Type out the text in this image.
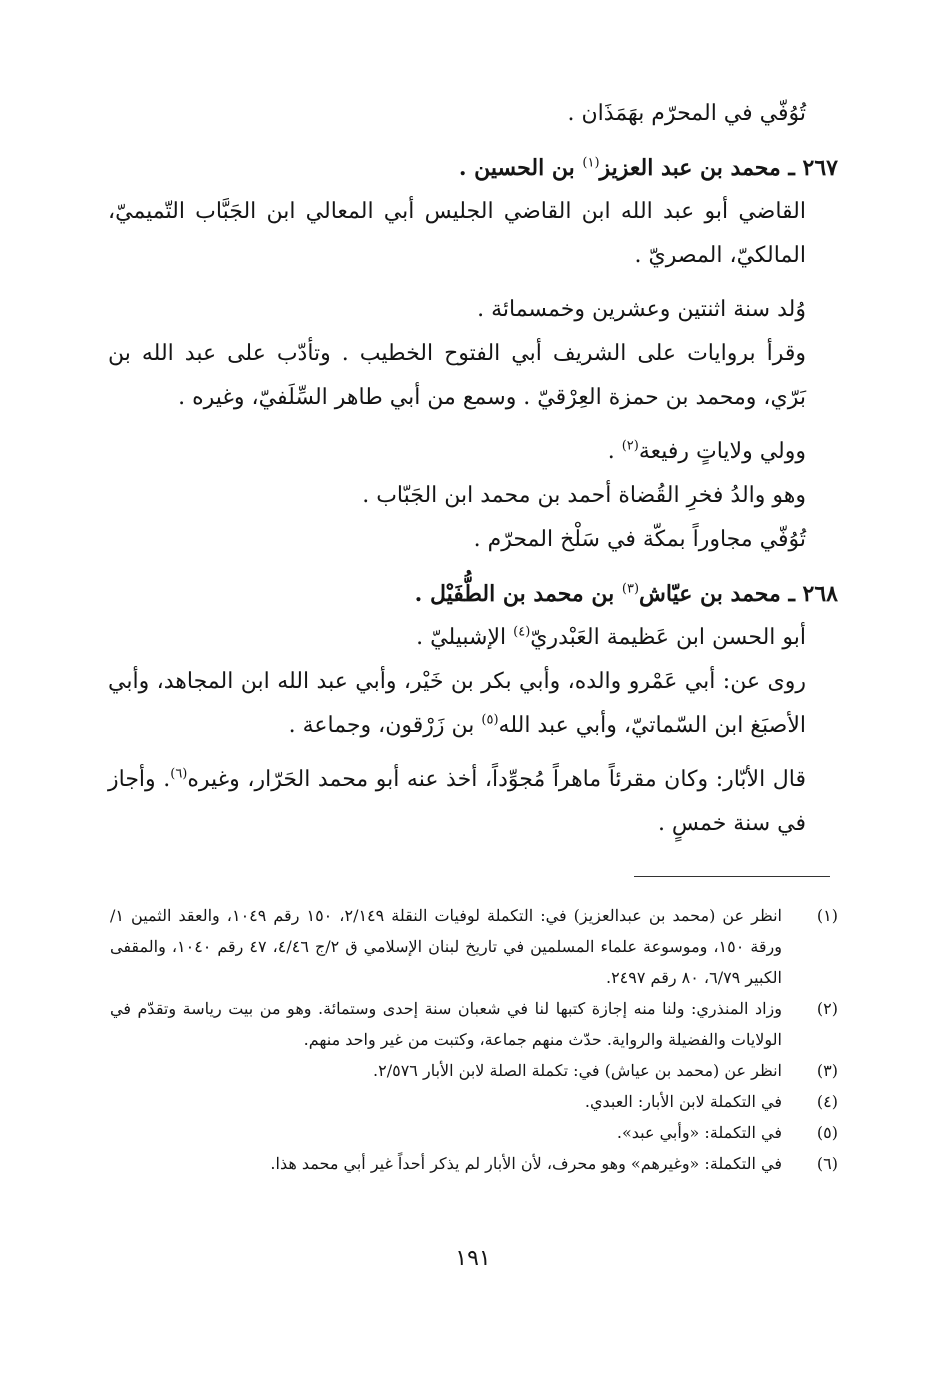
تُوُفّي في المحرّم بهَمَذَان .

٢٦٧ ـ محمد بن عبد العزيز$^{(١)}$ بن الحسين .

القاضي أبو عبد الله ابن القاضي الجليس أبي المعالي ابن الجَبَّاب التّميميّ، المالكيّ، المصريّ .

وُلد سنة اثنتين وعشرين وخمسمائة .

وقرأ بروايات على الشريف أبي الفتوح الخطيب . وتأدّب على عبد الله بن بَرّي، ومحمد بن حمزة العِرْقيّ . وسمع من أبي طاهر السِّلَفيّ، وغيره .

وولي ولاياتٍ رفيعة$^{(٢)}$ .

وهو والدُ فخرِ القُضاة أحمد بن محمد ابن الجَبّاب .

تُوُفّي مجاوراً بمكّة في سَلْخ المحرّم .

٢٦٨ ـ محمد بن عيّاش$^{(٣)}$ بن محمد بن الطُّفَيْل .

أبو الحسن ابن عَظيمة العَبْدريّ$^{(٤)}$ الإشبيليّ .

روى عن: أبي عَمْرو والده، وأبي بكر بن خَيْر، وأبي عبد الله ابن المجاهد، وأبي الأصبَغ ابن السّماتيّ، وأبي عبد الله$^{(٥)}$ بن زَرْقون، وجماعة .

قال الأبّار: وكان مقرئاً ماهراً مُجوِّداً، أخذ عنه أبو محمد الحَرّار، وغيره$^{(٦)}$. وأجاز في سنة خمسٍ .

(١)
انظر عن (محمد بن عبدالعزيز) في: التكملة لوفيات النقلة ٢/١٤٩، ١٥٠ رقم ١٠٤٩، والعقد الثمين ١/ورقة ١٥٠، وموسوعة علماء المسلمين في تاريخ لبنان الإسلامي ق ٢/ج ٤/٤٦، ٤٧ رقم ١٠٤٠، والمقفى الكبير ٦/٧٩، ٨٠ رقم ٢٤٩٧.
(٢)
وزاد المنذري: ولنا منه إجازة كتبها لنا في شعبان سنة إحدى وستمائة. وهو من بيت رياسة وتقدّم في الولايات والفضيلة والرواية. حدّث منهم جماعة، وكتبت من غير واحد منهم.
(٣)
انظر عن (محمد بن عياش) في: تكملة الصلة لابن الأبار ٢/٥٧٦.
(٤)
في التكملة لابن الأبار: العبدي.
(٥)
في التكملة: «وأبي عبد».
(٦)
في التكملة: «وغيرهم» وهو محرف، لأن الأبار لم يذكر أحداً غير أبي محمد هذا.
١٩١
